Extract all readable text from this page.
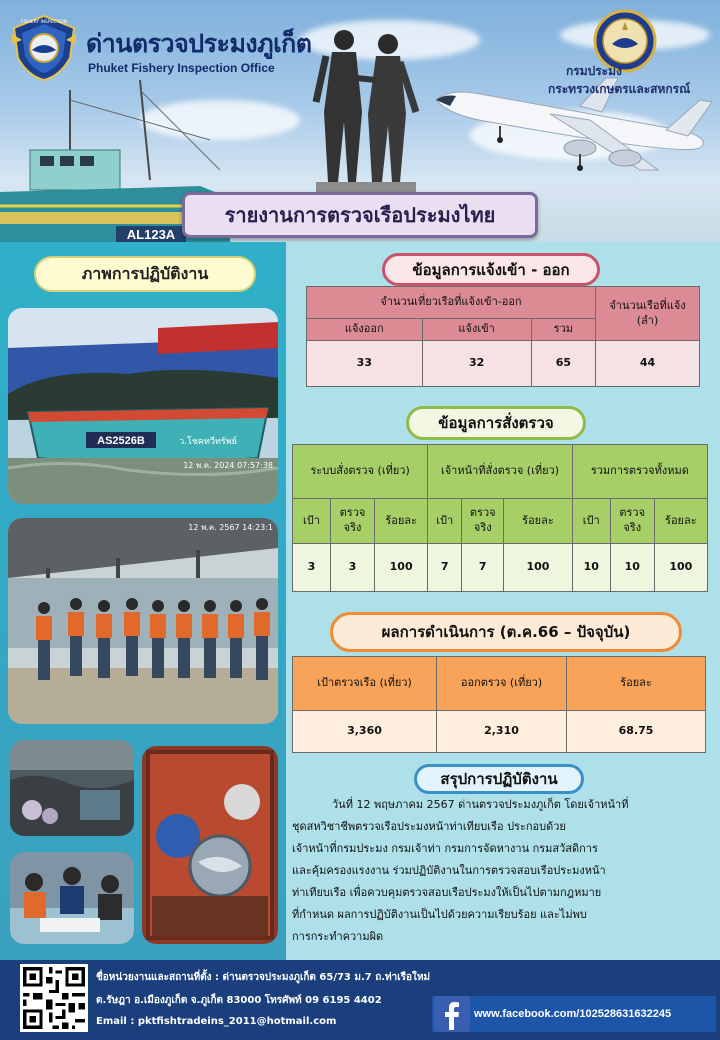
FISHERY INSPECTION
ด่านตรวจประมงภูเก็ต
Phuket Fishery Inspection Office
AL123A
กรมประมง
กระทรวงเกษตรและสหกรณ์
รายงานการตรวจเรือประมงไทย
ภาพการปฏิบัติงาน
AS2526B	ว.โชคทวีทรัพย์
12 พ.ค. 2024 07:57:38
12 พ.ค. 2567 14:23:1
ข้อมูลการแจ้งเข้า - ออก
จำนวนเที่ยวเรือที่แจ้งเข้า-ออก			จำนวนเรือที่แจ้ง (ลำ)
แจ้งออก	แจ้งเข้า	รวม	
33	32	65	44
ข้อมูลการสั่งตรวจ
ระบบสั่งตรวจ (เที่ยว)			เจ้าหน้าที่สั่งตรวจ (เที่ยว)			รวมการตรวจทั้งหมด		
เป้า	ตรวจจริง	ร้อยละ	เป้า	ตรวจจริง	ร้อยละ	เป้า	ตรวจจริง	ร้อยละ
3	3	100	7	7	100	10	10	100
ผลการดำเนินการ (ต.ค.66 – ปัจจุบัน)
เป้าตรวจเรือ (เที่ยว)	ออกตรวจ (เที่ยว)	ร้อยละ
3,360	2,310	68.75
สรุปการปฏิบัติงาน
วันที่ 12 พฤษภาคม 2567 ด่านตรวจประมงภูเก็ต โดยเจ้าหน้าที่
ชุดสหวิชาชีพตรวจเรือประมงหน้าท่าเทียบเรือ ประกอบด้วย
เจ้าหน้าที่กรมประมง กรมเจ้าท่า กรมการจัดหางาน กรมสวัสดิการ
และคุ้มครองแรงงาน ร่วมปฏิบัติงานในการตรวจสอบเรือประมงหน้า
ท่าเทียบเรือ เพื่อควบคุมตรวจสอบเรือประมงให้เป็นไปตามกฎหมาย
ที่กำหนด ผลการปฏิบัติงานเป็นไปด้วยความเรียบร้อย และไม่พบ
การกระทำความผิด
ชื่อหน่วยงานและสถานที่ตั้ง : ด่านตรวจประมงภูเก็ต 65/73 ม.7 ถ.ท่าเรือใหม่
ต.รัษฎา อ.เมืองภูเก็ต จ.ภูเก็ต 83000 โทรศัพท์ 09 6195 4402
Email : pktfishtradeins_2011@hotmail.com
www.facebook.com/102528631632245
